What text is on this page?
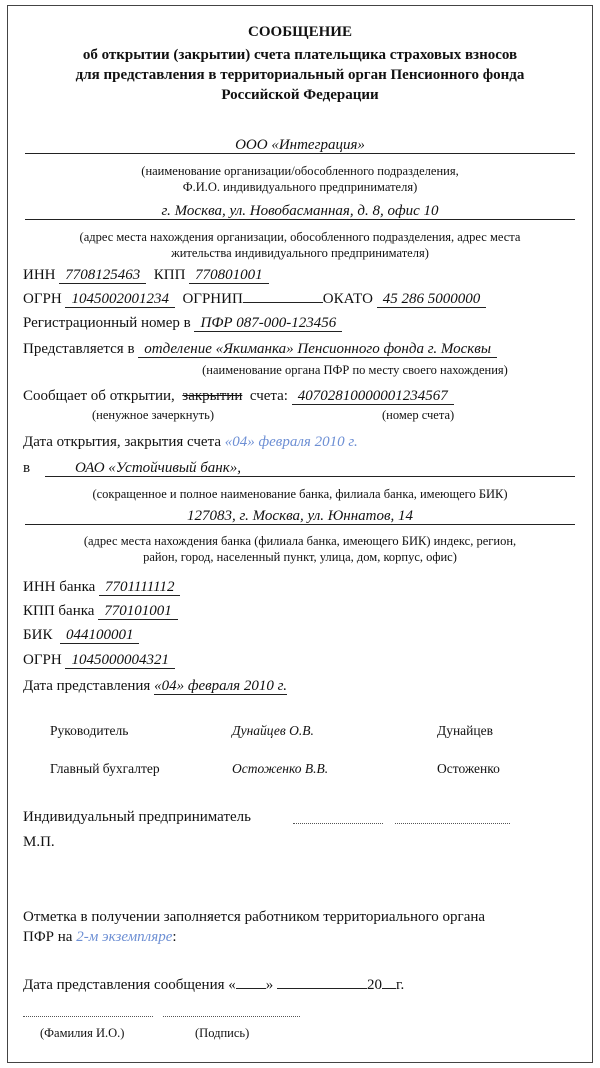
СООБЩЕНИЕ
об открытии (закрытии) счета плательщика страховых взносов
для представления в территориальный орган Пенсионного фонда
Российской Федерации
ООО «Интеграция»
(наименование организации/обособленного подразделения,
Ф.И.О. индивидуального предпринимателя)
г. Москва, ул. Новобасманная, д. 8, офис 10
(адрес места нахождения организации, обособленного подразделения, адрес места
жительства индивидуального предпринимателя)
ИНН 7708125463 КПП 770801001
ОГРН 1045002001234 ОГРНИП	ОКАТО 45 286 5000000
Регистрационный номер в ПФР 087-000-123456
Представляется в отделение «Якиманка» Пенсионного фонда г. Москвы
(наименование органа ПФР по месту своего нахождения)
Сообщает об открытии, закрытии счета: 40702810000001234567
(ненужное зачеркнуть)	(номер счета)
Дата открытия, закрытия счета «04» февраля 2010 г.
в	ОАО «Устойчивый банк»,
(сокращенное и полное наименование банка, филиала банка, имеющего БИК)
127083, г. Москва, ул. Юннатов, 14
(адрес места нахождения банка (филиала банка, имеющего БИК) индекс, регион,
район, город, населенный пункт, улица, дом, корпус, офис)
ИНН банка 7701111112
КПП банка 770101001
БИК 044100001
ОГРН 1045000004321
Дата представления «04» февраля 2010 г.
Руководитель	Дунайцев О.В.	Дунайцев
Главный бухгалтер	Остоженко В.В.	Остоженко
Индивидуальный предприниматель
М.П.
Отметка в получении заполняется работником территориального органа
ПФР на 2-м экземпляре:
Дата представления сообщения « »	20 г.
(Фамилия И.О.)	(Подпись)
